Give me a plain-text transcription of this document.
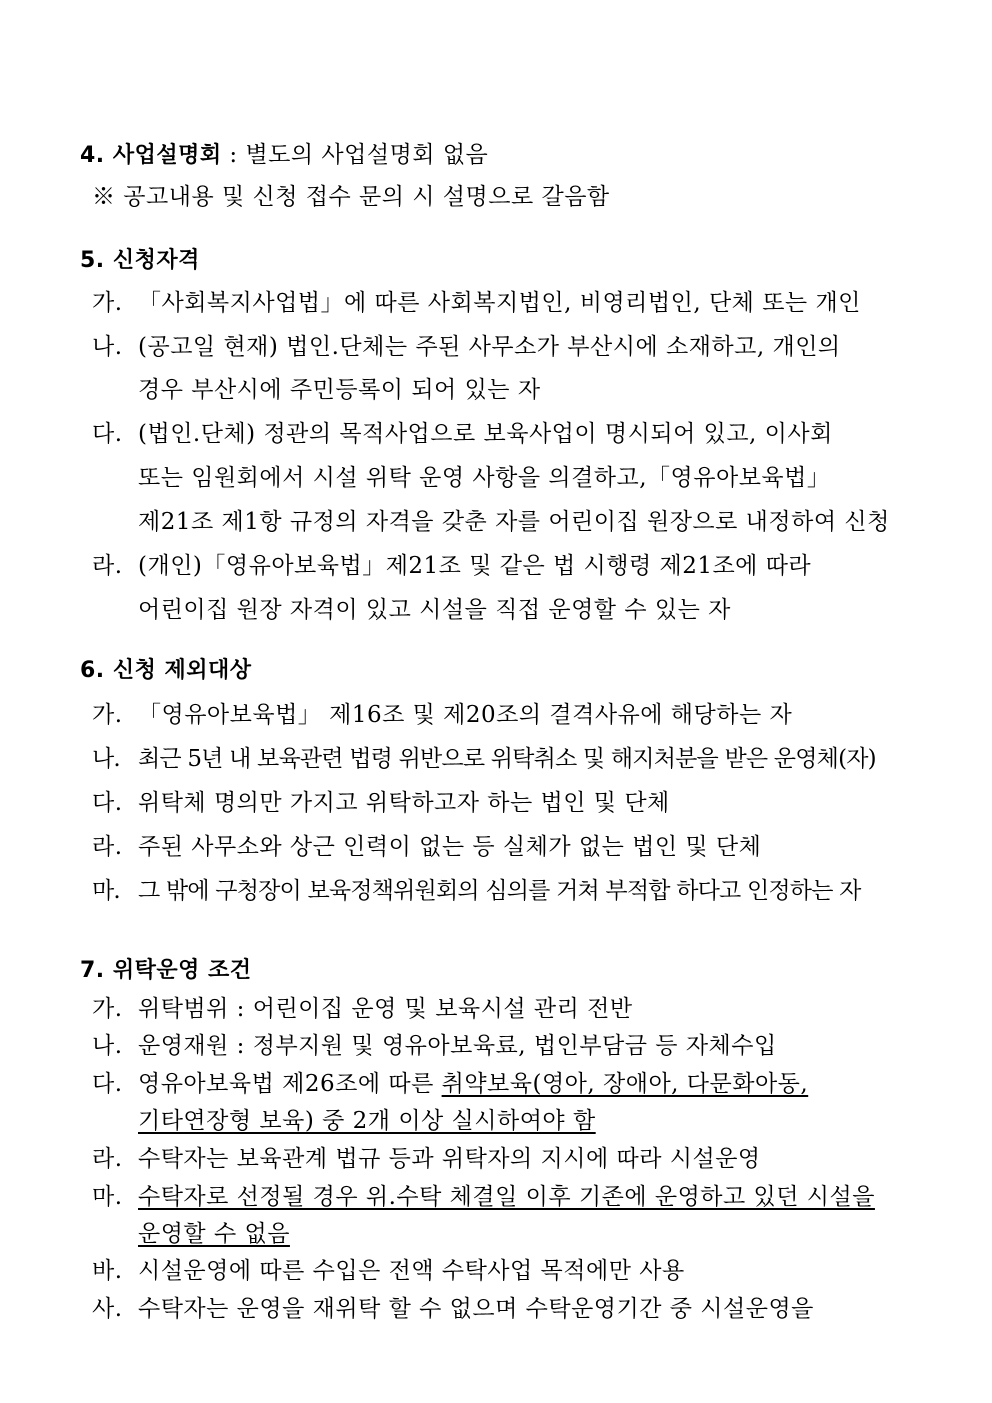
4. 사업설명회 : 별도의 사업설명회 없음
※ 공고내용 및 신청 접수 문의 시 설명으로 갈음함
5. 신청자격
가. 「사회복지사업법」에 따른 사회복지법인, 비영리법인, 단체 또는 개인
나. (공고일 현재) 법인.단체는 주된 사무소가 부산시에 소재하고, 개인의
경우 부산시에 주민등록이 되어 있는 자
다. (법인.단체) 정관의 목적사업으로 보육사업이 명시되어 있고, 이사회
또는 임원회에서 시설 위탁 운영 사항을 의결하고,「영유아보육법」
제21조 제1항 규정의 자격을 갖춘 자를 어린이집 원장으로 내정하여 신청
라. (개인)「영유아보육법」제21조 및 같은 법 시행령 제21조에 따라
어린이집 원장 자격이 있고 시설을 직접 운영할 수 있는 자
6. 신청 제외대상
가. 「영유아보육법」 제16조 및 제20조의 결격사유에 해당하는 자
나. 최근 5년 내 보육관련 법령 위반으로 위탁취소 및 해지처분을 받은 운영체(자)
다. 위탁체 명의만 가지고 위탁하고자 하는 법인 및 단체
라. 주된 사무소와 상근 인력이 없는 등 실체가 없는 법인 및 단체
마. 그 밖에 구청장이 보육정책위원회의 심의를 거쳐 부적합 하다고 인정하는 자
7. 위탁운영 조건
가. 위탁범위 : 어린이집 운영 및 보육시설 관리 전반
나. 운영재원 : 정부지원 및 영유아보육료, 법인부담금 등 자체수입
다. 영유아보육법 제26조에 따른 취약보육(영아, 장애아, 다문화아동,
기타연장형 보육) 중 2개 이상 실시하여야 함
라. 수탁자는 보육관계 법규 등과 위탁자의 지시에 따라 시설운영
마. 수탁자로 선정될 경우 위.수탁 체결일 이후 기존에 운영하고 있던 시설을
운영할 수 없음
바. 시설운영에 따른 수입은 전액 수탁사업 목적에만 사용
사. 수탁자는 운영을 재위탁 할 수 없으며 수탁운영기간 중 시설운영을
